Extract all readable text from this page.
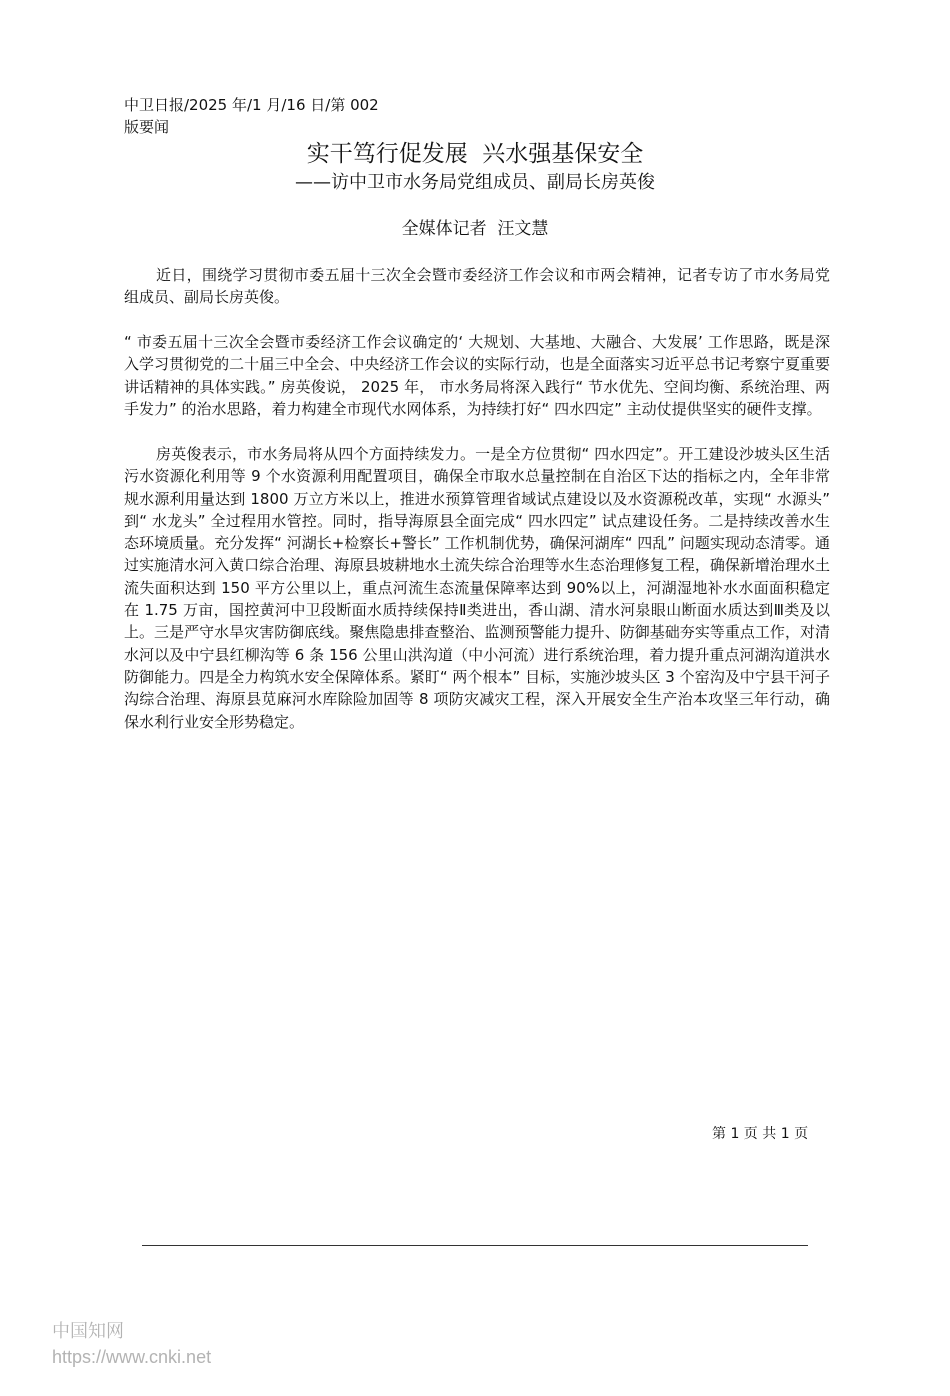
中卫日报/2025 年/1 月/16 日/第 002
版要闻
实干笃行促发展  兴水强基保安全
——访中卫市水务局党组成员、副局长房英俊
全媒体记者  汪文慧

近日，围绕学习贯彻市委五届十三次全会暨市委经济工作会议和市两会精神，记者专访了市水务局党组成员、副局长房英俊。

“ 市委五届十三次全会暨市委经济工作会议确定的‘ 大规划、大基地、大融合、大发展’ 工作思路，既是深入学习贯彻党的二十届三中全会、中央经济工作会议的实际行动，也是全面落实习近平总书记考察宁夏重要讲话精神的具体实践。” 房英俊说， 2025 年， 市水务局将深入践行“ 节水优先、空间均衡、系统治理、两手发力” 的治水思路，着力构建全市现代水网体系，为持续打好“ 四水四定” 主动仗提供坚实的硬件支撑。

房英俊表示，市水务局将从四个方面持续发力。一是全方位贯彻“ 四水四定”。开工建设沙坡头区生活污水资源化利用等 9 个水资源利用配置项目，确保全市取水总量控制在自治区下达的指标之内，全年非常规水源利用量达到 1800 万立方米以上，推进水预算管理省域试点建设以及水资源税改革，实现“ 水源头” 到“ 水龙头” 全过程用水管控。同时，指导海原县全面完成“ 四水四定” 试点建设任务。二是持续改善水生态环境质量。充分发挥“ 河湖长+检察长+警长” 工作机制优势，确保河湖库“ 四乱” 问题实现动态清零。通过实施清水河入黄口综合治理、海原县坡耕地水土流失综合治理等水生态治理修复工程，确保新增治理水土流失面积达到 150 平方公里以上，重点河流生态流量保障率达到 90%以上，河湖湿地补水水面面积稳定在 1.75 万亩，国控黄河中卫段断面水质持续保持Ⅱ类进出，香山湖、清水河泉眼山断面水质达到Ⅲ类及以上。三是严守水旱灾害防御底线。聚焦隐患排查整治、监测预警能力提升、防御基础夯实等重点工作，对清水河以及中宁县红柳沟等 6 条 156 公里山洪沟道（中小河流）进行系统治理，着力提升重点河湖沟道洪水防御能力。四是全力构筑水安全保障体系。紧盯“ 两个根本” 目标，实施沙坡头区 3 个窑沟及中宁县干河子沟综合治理、海原县苋麻河水库除险加固等 8 项防灾减灾工程，深入开展安全生产治本攻坚三年行动，确保水利行业安全形势稳定。

第 1 页 共 1 页

中国知网
https://www.cnki.net
